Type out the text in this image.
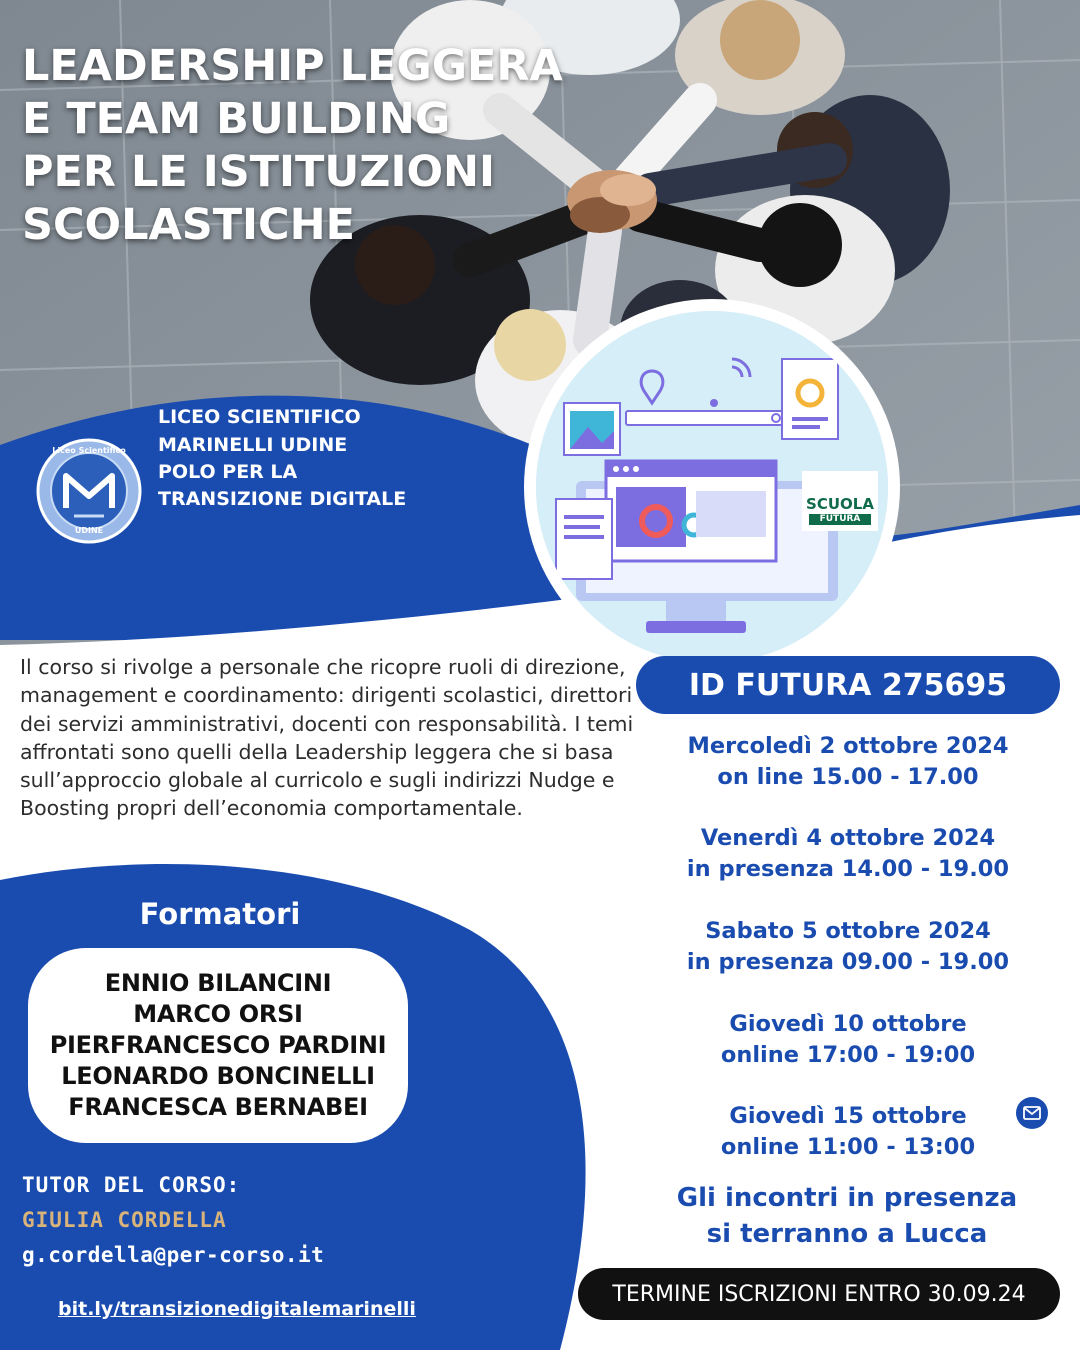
SCUOLA
FUTURA
LEADERSHIP LEGGERA
E TEAM BUILDING
PER LE ISTITUZIONI
SCOLASTICHE
Liceo Scientifico
UDINE
LICEO SCIENTIFICO
MARINELLI UDINE
POLO PER LA
TRANSIZIONE DIGITALE
Il corso si rivolge a personale che ricopre ruoli di direzione, management e coordinamento: dirigenti scolastici, direttori dei servizi amministrativi, docenti con responsabilità. I temi affrontati sono quelli della Leadership leggera che si basa sull’approccio globale al curricolo e sugli indirizzi Nudge e Boosting propri dell’economia comportamentale.
ID FUTURA 275695
Mercoledì 2 ottobre 2024
on line 15.00 - 17.00
Venerdì 4 ottobre 2024
in presenza 14.00 - 19.00
Sabato 5 ottobre 2024
in presenza 09.00 - 19.00
Giovedì 10 ottobre
online 17:00 - 19:00
Giovedì 15 ottobre
online 11:00 - 13:00
Gli incontri in presenza
si terranno a Lucca
TERMINE ISCRIZIONI ENTRO 30.09.24
Formatori
ENNIO BILANCINI
MARCO ORSI
PIERFRANCESCO PARDINI
LEONARDO BONCINELLI
FRANCESCA BERNABEI
TUTOR DEL CORSO:
GIULIA CORDELLA
g.cordella@per-corso.it
bit.ly/transizionedigitalemarinelli
